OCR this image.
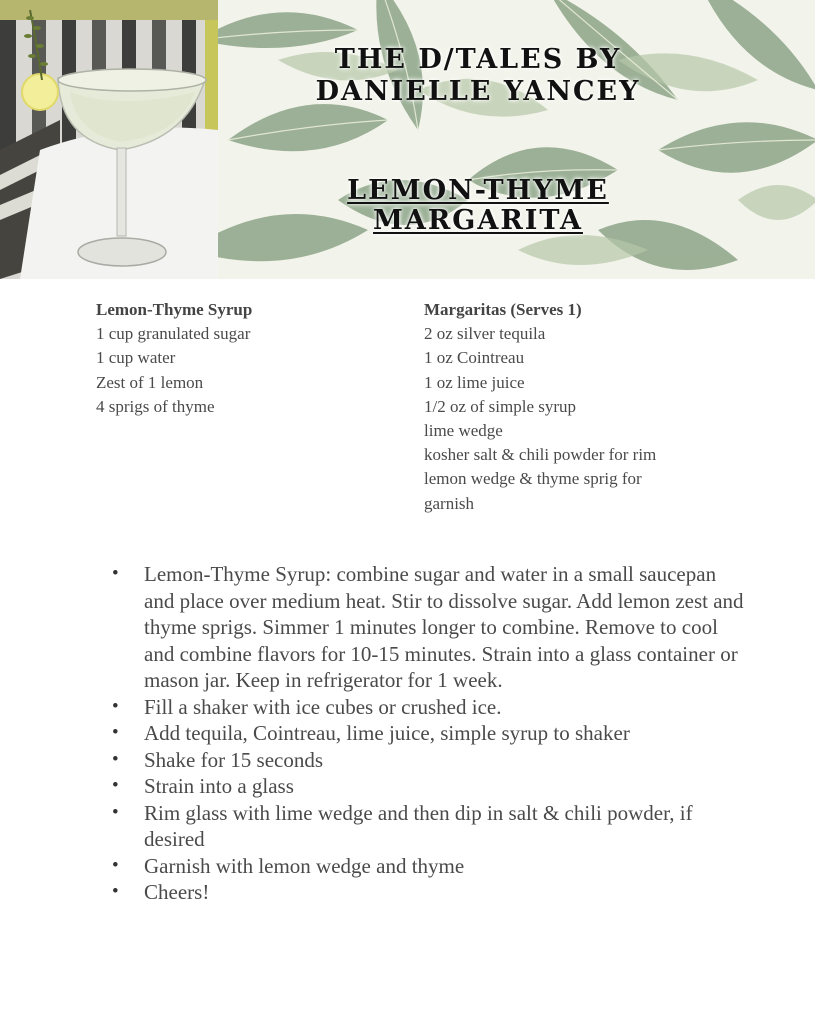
THE D/TALES BY
DANIELLE YANCEY
LEMON-THYME
MARGARITA
Lemon-Thyme Syrup
1 cup granulated sugar
1 cup water
Zest of 1 lemon
4 sprigs of thyme
Margaritas (Serves 1)
2 oz silver tequila
1 oz Cointreau
1 oz lime juice
1/2 oz of simple syrup
lime wedge
kosher salt & chili powder for rim
lemon wedge & thyme sprig for garnish
• Lemon-Thyme Syrup: combine sugar and water in a small saucepan and place over medium heat. Stir to dissolve sugar. Add lemon zest and thyme sprigs. Simmer 1 minutes longer to combine. Remove to cool and combine flavors for 10-15 minutes. Strain into a glass container or mason jar. Keep in refrigerator for 1 week.
• Fill a shaker with ice cubes or crushed ice.
• Add tequila, Cointreau, lime juice, simple syrup to shaker
• Shake for 15 seconds
• Strain into a glass
• Rim glass with lime wedge and then dip in salt & chili powder, if desired
• Garnish with lemon wedge and thyme
• Cheers!
